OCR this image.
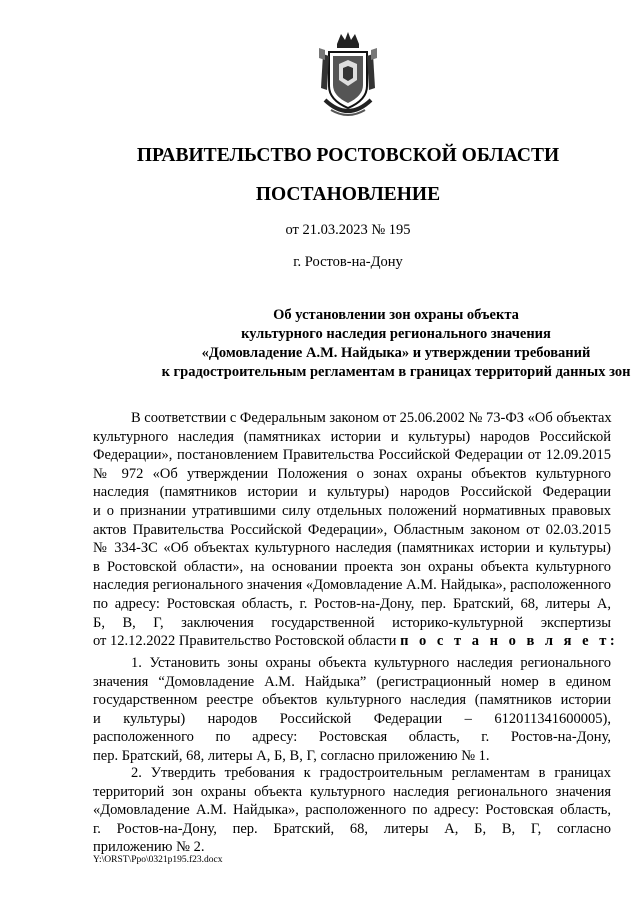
ПРАВИТЕЛЬСТВО РОСТОВСКОЙ ОБЛАСТИ
ПОСТАНОВЛЕНИЕ
от 21.03.2023 № 195
г. Ростов-на-Дону
Об установлении зон охраны объекта
культурного наследия регионального значения
«Домовладение А.М. Найдыка» и утверждении требований
к градостроительным регламентам в границах территорий данных зон
В соответствии с Федеральным законом от 25.06.2002 № 73-ФЗ «Об объектах
культурного наследия (памятниках истории и культуры) народов Российской
Федерации», постановлением Правительства Российской Федерации от 12.09.2015
№ 972 «Об утверждении Положения о зонах охраны объектов культурного
наследия (памятников истории и культуры) народов Российской Федерации
и о признании утратившими силу отдельных положений нормативных правовых
актов Правительства Российской Федерации», Областным законом от 02.03.2015
№ 334-ЗС «Об объектах культурного наследия (памятниках истории и культуры)
в Ростовской области», на основании проекта зон охраны объекта культурного
наследия регионального значения «Домовладение А.М. Найдыка», расположенного
по адресу: Ростовская область, г. Ростов-на-Дону, пер. Братский, 68, литеры А,
Б, В, Г, заключения государственной историко-культурной экспертизы
от 12.12.2022 Правительство Ростовской области п о с т а н о в л я е т:
1. Установить зоны охраны объекта культурного наследия регионального
значения “Домовладение А.М. Найдыка” (регистрационный номер в едином
государственном реестре объектов культурного наследия (памятников истории
и культуры) народов Российской Федерации – 612011341600005),
расположенного по адресу: Ростовская область, г. Ростов-на-Дону,
пер. Братский, 68, литеры А, Б, В, Г, согласно приложению № 1.
2. Утвердить требования к градостроительным регламентам в границах
территорий зон охраны объекта культурного наследия регионального значения
«Домовладение А.М. Найдыка», расположенного по адресу: Ростовская область,
г. Ростов-на-Дону, пер. Братский, 68, литеры А, Б, В, Г, согласно
приложению № 2.
Y:\ORST\Ppo\0321p195.f23.docx
